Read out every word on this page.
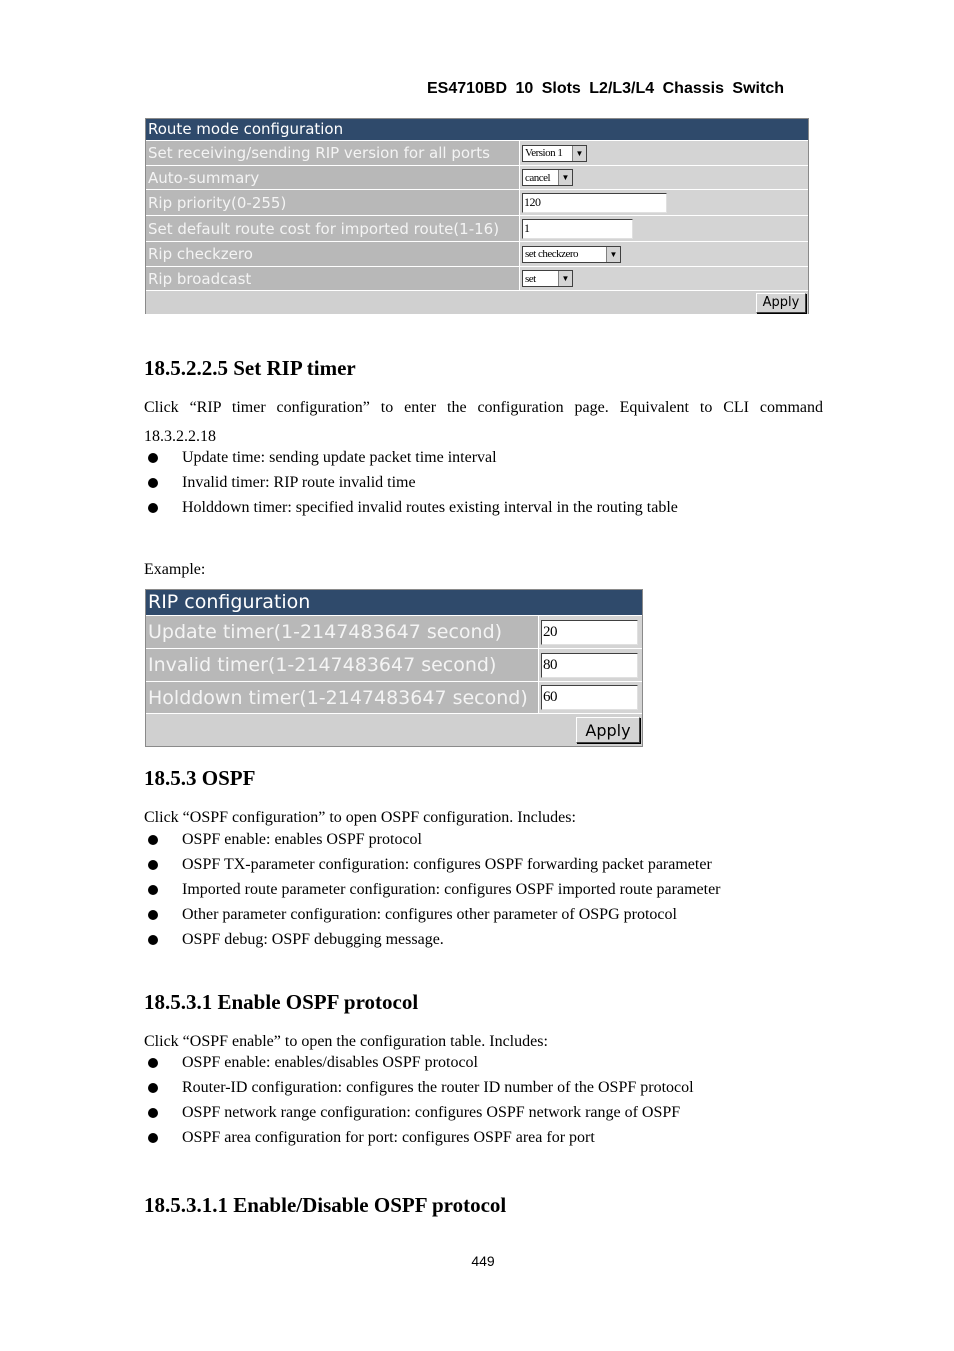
ES4710BD 10 Slots L2/L3/L4 Chassis Switch
Route mode configuration
Set receiving/sending RIP version for all ports	Version 1	▼
Auto-summary	cancel	▼
Rip priority(0-255)	120
Set default route cost for imported route(1-16)	1
Rip checkzero	set checkzero	▼
Rip broadcast	set	▼
Apply
18.5.2.2.5 Set RIP timer

Click “RIP timer configuration” to enter the configuration page. Equivalent to CLI command

18.3.2.2.18

Update time: sending update packet time interval
Invalid timer: RIP route invalid time
Holddown timer: specified invalid routes existing interval in the routing table

Example:

RIP configuration
Update timer(1-2147483647 second)	20
Invalid timer(1-2147483647 second)	80
Holddown timer(1-2147483647 second)	60
Apply
18.5.3 OSPF

Click “OSPF configuration” to open OSPF configuration. Includes:

OSPF enable: enables OSPF protocol
OSPF TX-parameter configuration: configures OSPF forwarding packet parameter
Imported route parameter configuration: configures OSPF imported route parameter
Other parameter configuration: configures other parameter of OSPG protocol
OSPF debug: OSPF debugging message.
18.5.3.1 Enable OSPF protocol

Click “OSPF enable” to open the configuration table. Includes:

OSPF enable: enables/disables OSPF protocol
Router-ID configuration: configures the router ID number of the OSPF protocol
OSPF network range configuration: configures OSPF network range of OSPF
OSPF area configuration for port: configures OSPF area for port
18.5.3.1.1 Enable/Disable OSPF protocol
449
